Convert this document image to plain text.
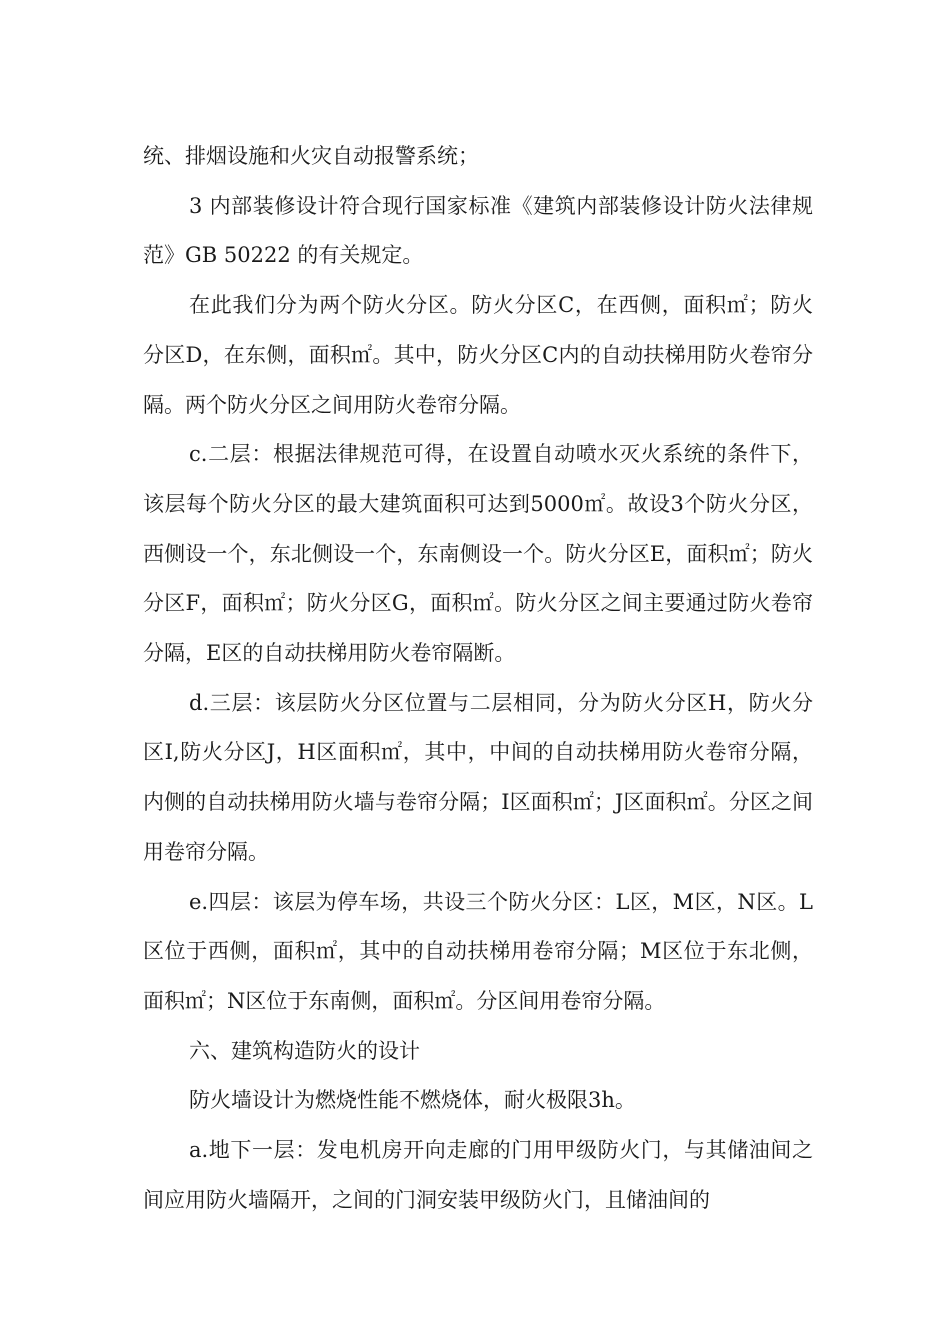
统、排烟设施和火灾自动报警系统；

3 内部装修设计符合现行国家标准《建筑内部装修设计防火法律规范》GB 50222 的有关规定。

在此我们分为两个防火分区。防火分区C，在西侧，面积㎡；防火分区D，在东侧，面积㎡。其中，防火分区C内的自动扶梯用防火卷帘分隔。两个防火分区之间用防火卷帘分隔。

c.二层：根据法律规范可得，在设置自动喷水灭火系统的条件下，该层每个防火分区的最大建筑面积可达到5000㎡。故设3个防火分区，西侧设一个，东北侧设一个，东南侧设一个。防火分区E，面积㎡；防火分区F，面积㎡；防火分区G，面积㎡。防火分区之间主要通过防火卷帘分隔，E区的自动扶梯用防火卷帘隔断。

d.三层：该层防火分区位置与二层相同，分为防火分区H，防火分区I,防火分区J，H区面积㎡，其中，中间的自动扶梯用防火卷帘分隔，内侧的自动扶梯用防火墙与卷帘分隔；I区面积㎡；J区面积㎡。分区之间用卷帘分隔。

e.四层：该层为停车场，共设三个防火分区：L区，M区，N区。L区位于西侧，面积㎡，其中的自动扶梯用卷帘分隔；M区位于东北侧，面积㎡；N区位于东南侧，面积㎡。分区间用卷帘分隔。

六、建筑构造防火的设计

防火墙设计为燃烧性能不燃烧体，耐火极限3h。

a.地下一层：发电机房开向走廊的门用甲级防火门，与其储油间之间应用防火墙隔开，之间的门洞安装甲级防火门，且储油间的
